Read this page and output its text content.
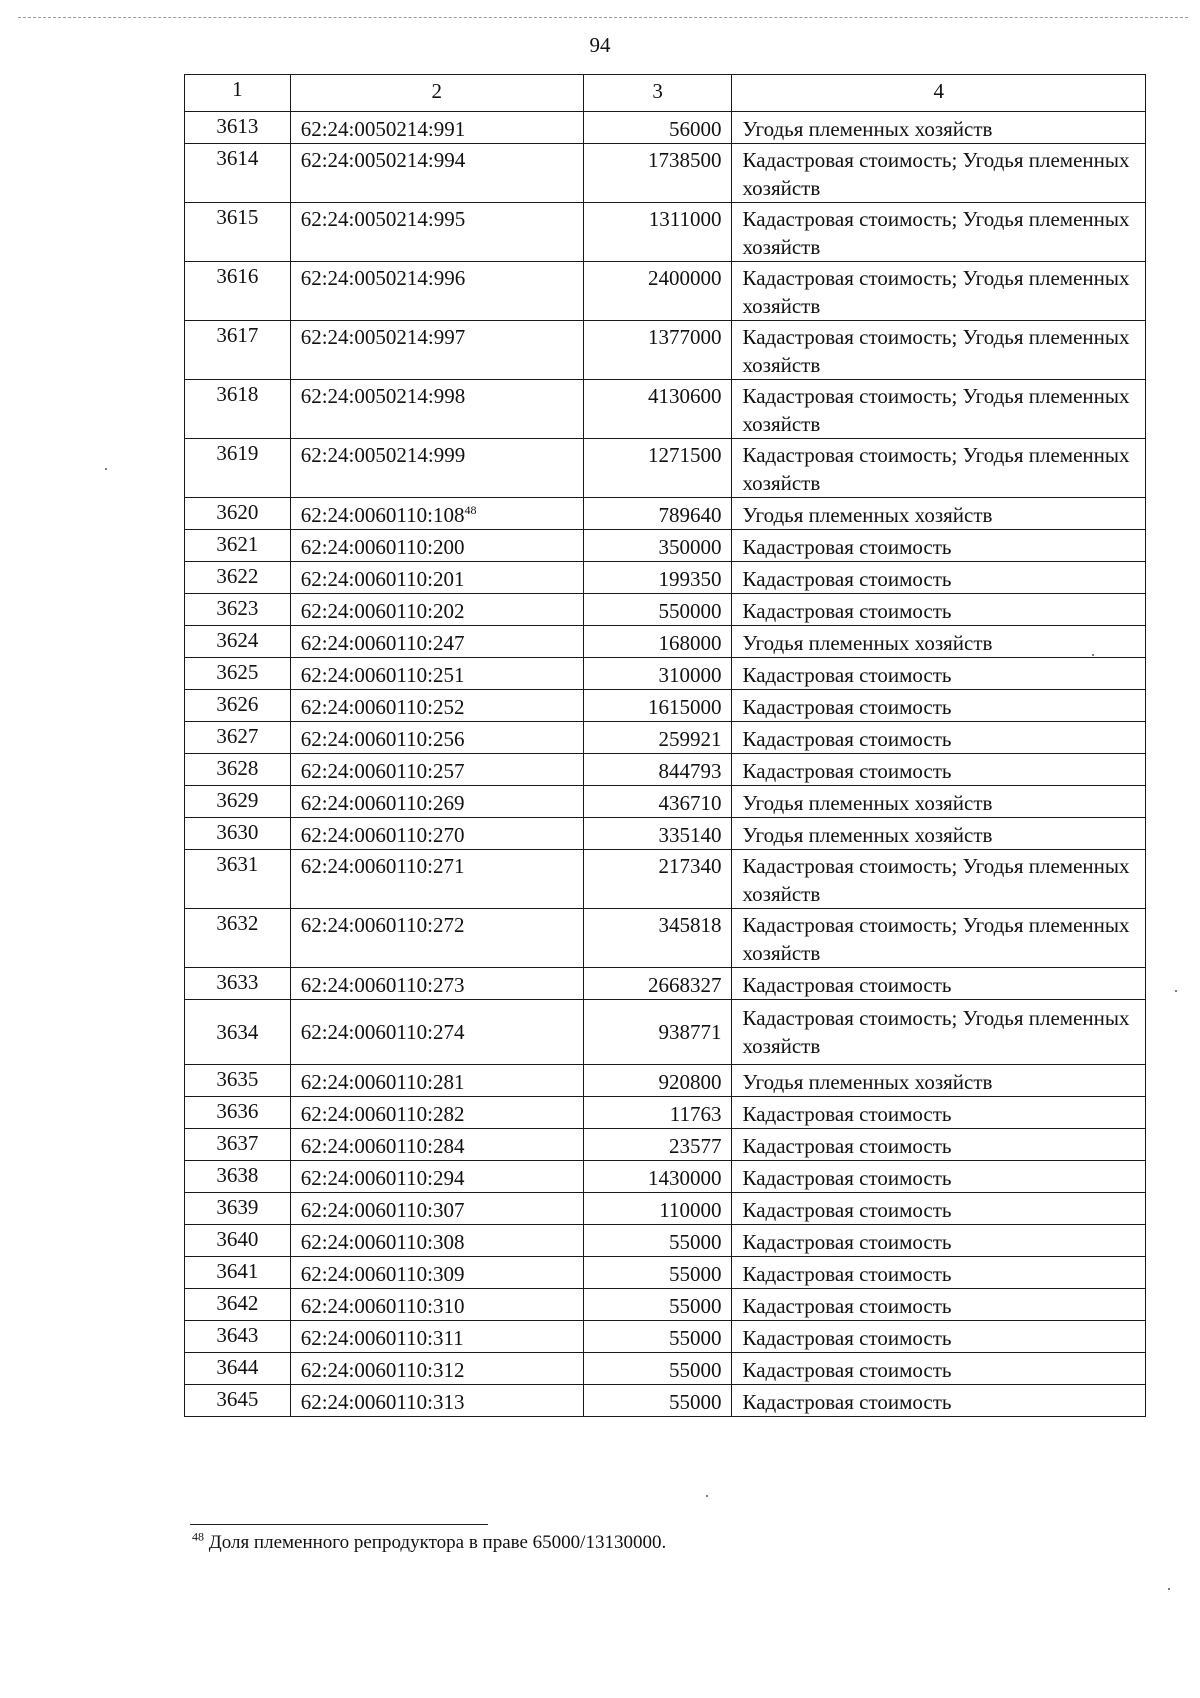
94
1	2	3	4
3613	62:24:0050214:991	56000	Угодья племенных хозяйств
3614	62:24:0050214:994	1738500	Кадастровая стоимость; Угодья племенных хозяйств
3615	62:24:0050214:995	1311000	Кадастровая стоимость; Угодья племенных хозяйств
3616	62:24:0050214:996	2400000	Кадастровая стоимость; Угодья племенных хозяйств
3617	62:24:0050214:997	1377000	Кадастровая стоимость; Угодья племенных хозяйств
3618	62:24:0050214:998	4130600	Кадастровая стоимость; Угодья племенных хозяйств
3619	62:24:0050214:999	1271500	Кадастровая стоимость; Угодья племенных хозяйств
3620	$62:24:0060110:108^{48}$	789640	Угодья племенных хозяйств
3621	62:24:0060110:200	350000	Кадастровая стоимость
3622	62:24:0060110:201	199350	Кадастровая стоимость
3623	62:24:0060110:202	550000	Кадастровая стоимость
3624	62:24:0060110:247	168000	Угодья племенных хозяйств
3625	62:24:0060110:251	310000	Кадастровая стоимость
3626	62:24:0060110:252	1615000	Кадастровая стоимость
3627	62:24:0060110:256	259921	Кадастровая стоимость
3628	62:24:0060110:257	844793	Кадастровая стоимость
3629	62:24:0060110:269	436710	Угодья племенных хозяйств
3630	62:24:0060110:270	335140	Угодья племенных хозяйств
3631	62:24:0060110:271	217340	Кадастровая стоимость; Угодья племенных хозяйств
3632	62:24:0060110:272	345818	Кадастровая стоимость; Угодья племенных хозяйств
3633	62:24:0060110:273	2668327	Кадастровая стоимость
3634	62:24:0060110:274	938771	Кадастровая стоимость; Угодья племенных хозяйств
3635	62:24:0060110:281	920800	Угодья племенных хозяйств
3636	62:24:0060110:282	11763	Кадастровая стоимость
3637	62:24:0060110:284	23577	Кадастровая стоимость
3638	62:24:0060110:294	1430000	Кадастровая стоимость
3639	62:24:0060110:307	110000	Кадастровая стоимость
3640	62:24:0060110:308	55000	Кадастровая стоимость
3641	62:24:0060110:309	55000	Кадастровая стоимость
3642	62:24:0060110:310	55000	Кадастровая стоимость
3643	62:24:0060110:311	55000	Кадастровая стоимость
3644	62:24:0060110:312	55000	Кадастровая стоимость
3645	62:24:0060110:313	55000	Кадастровая стоимость
$^{48}$ Доля племенного репродуктора в праве 65000/13130000.
